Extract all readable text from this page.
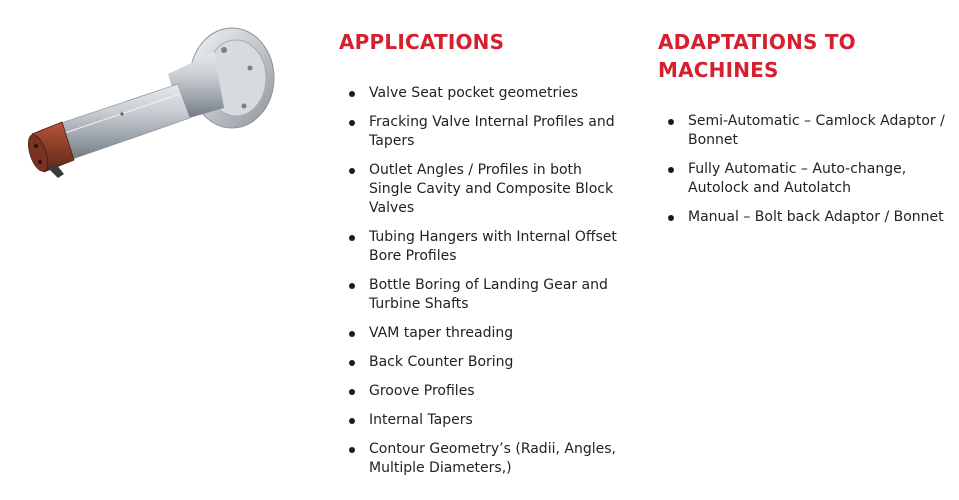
APPLICATIONS
Valve Seat pocket geometries
Fracking Valve Internal Profiles and Tapers
Outlet Angles / Profiles in both Single Cavity and Composite Block Valves
Tubing Hangers with Internal Offset Bore Profiles
Bottle Boring of Landing Gear and Turbine Shafts
VAM taper threading
Back Counter Boring
Groove Profiles
Internal Tapers
Contour Geometry’s (Radii, Angles, Multiple Diameters,)
ADAPTATIONS TO MACHINES
Semi-Automatic – Camlock Adaptor / Bonnet
Fully Automatic – Auto-change, Autolock and Autolatch
Manual – Bolt back Adaptor / Bonnet
